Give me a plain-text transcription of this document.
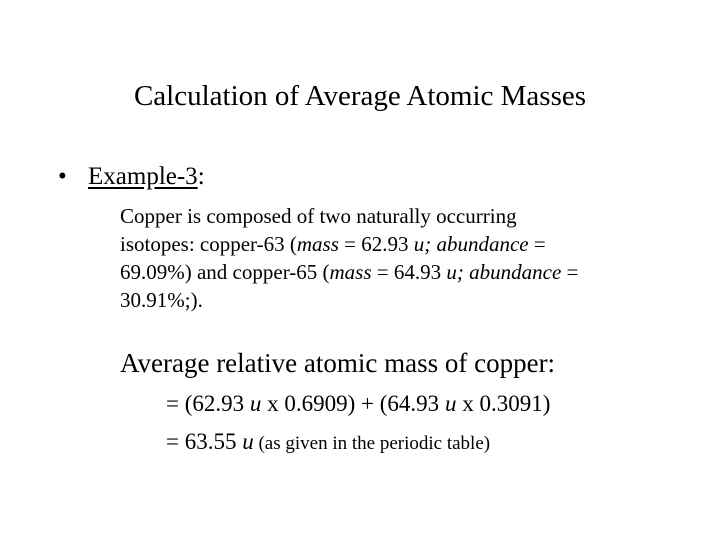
Calculation of Average Atomic Masses
• Example-3:
Copper is composed of two naturally occurring
isotopes: copper-63 (mass = 62.93 u; abundance =
69.09%) and copper-65 (mass = 64.93 u; abundance =
30.91%;).
Average relative atomic mass of copper:
= (62.93 u x 0.6909) + (64.93 u x 0.3091)
= 63.55 u (as given in the periodic table)
